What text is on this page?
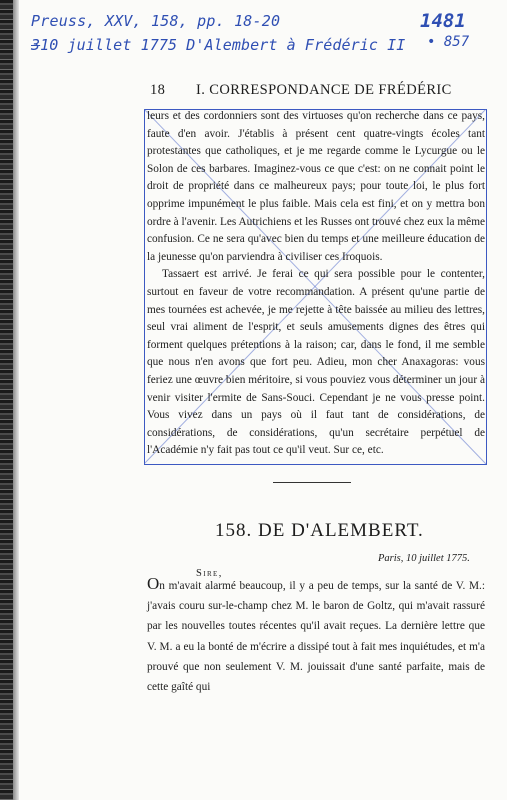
Preuss, XXV, 158, pp. 18-20
310 juillet 1775 D'Alembert à Frédéric II
1481
• 857
18 I. CORRESPONDANCE DE FRÉDÉRIC

leurs et des cordonniers sont des virtuoses qu'on recherche dans ce pays, faute d'en avoir. J'établis à présent cent quatre-vingts écoles tant protestantes que catholiques, et je me regarde comme le Lycurgue ou le Solon de ces barbares. Imaginez-vous ce que c'est: on ne connait point le droit de propriété dans ce malheureux pays; pour toute loi, le plus fort opprime impunément le plus faible. Mais cela est fini, et on y mettra bon ordre à l'avenir. Les Autrichiens et les Russes ont trouvé chez eux la même confusion. Ce ne sera qu'avec bien du temps et une meilleure éducation de la jeunesse qu'on parviendra à civiliser ces Iroquois.

Tassaert est arrivé. Je ferai ce qui sera possible pour le contenter, surtout en faveur de votre recommandation. A présent qu'une partie de mes tournées est achevée, je me rejette à tête baissée au milieu des lettres, seul vrai aliment de l'esprit, et seuls amusements dignes des êtres qui forment quelques prétentions à la raison; car, dans le fond, il me semble que nous n'en avons que fort peu. Adieu, mon cher Anaxagoras: vous feriez une œuvre bien méritoire, si vous pouviez vous déterminer un jour à venir visiter l'ermite de Sans-Souci. Cependant je ne vous presse point. Vous vivez dans un pays où il faut tant de considérations, de considérations, de considérations, qu'un secrétaire perpétuel de l'Académie n'y fait pas tout ce qu'il veut. Sur ce, etc.

158. DE D'ALEMBERT.
Paris, 10 juillet 1775.
Sire,

On m'avait alarmé beaucoup, il y a peu de temps, sur la santé de V. M.: j'avais couru sur-le-champ chez M. le baron de Goltz, qui m'avait rassuré par les nouvelles toutes récentes qu'il avait reçues. La dernière lettre que V. M. a eu la bonté de m'écrire a dissipé tout à fait mes inquiétudes, et m'a prouvé que non seulement V. M. jouissait d'une santé parfaite, mais de cette gaîté qui
